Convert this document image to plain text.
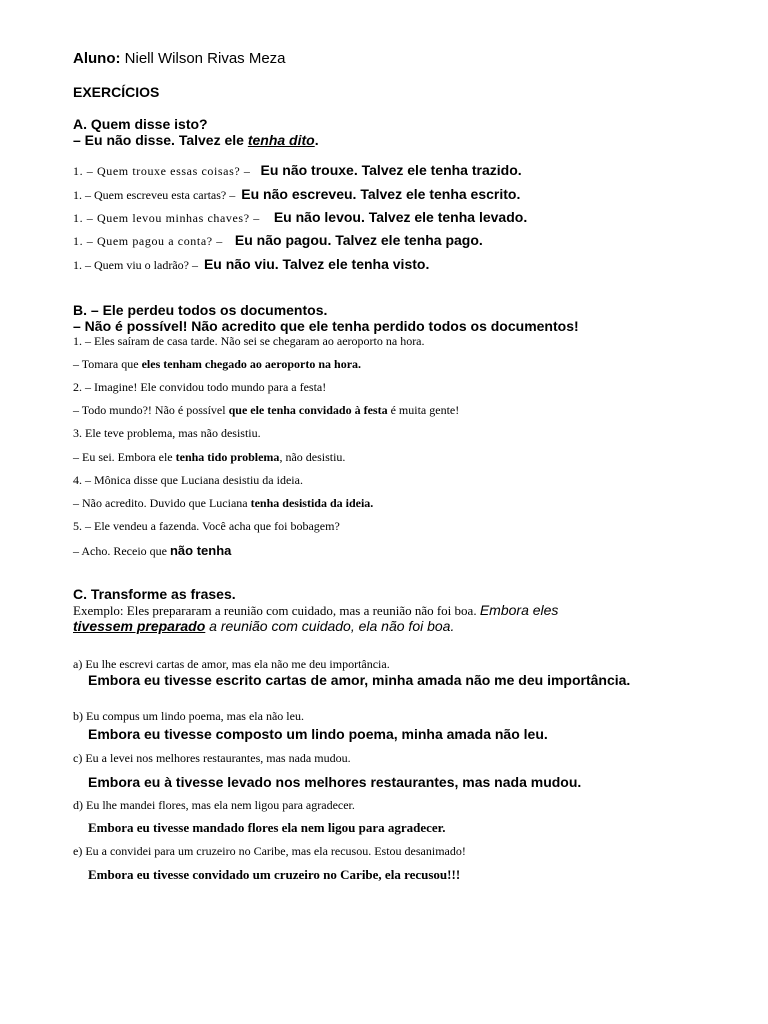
Aluno: Niell Wilson Rivas Meza
EXERCÍCIOS
A. Quem disse isto?
– Eu não disse. Talvez ele tenha dito.
1. – Quem trouxe essas coisas? – Eu não trouxe. Talvez ele tenha trazido.
1. – Quem escreveu esta cartas? – Eu não escreveu. Talvez ele tenha escrito.
1. – Quem levou minhas chaves? – Eu não levou. Talvez ele tenha levado.
1. – Quem pagou a conta? – Eu não pagou. Talvez ele tenha pago.
1. – Quem viu o ladrão? – Eu não viu. Talvez ele tenha visto.
B. – Ele perdeu todos os documentos.
– Não é possível! Não acredito que ele tenha perdido todos os documentos!
1. – Eles saíram de casa tarde. Não sei se chegaram ao aeroporto na hora.
– Tomara que eles tenham chegado ao aeroporto na hora.
2. – Imagine! Ele convidou todo mundo para a festa!
– Todo mundo?! Não é possível que ele tenha convidado à festa é muita gente!
3. Ele teve problema, mas não desistiu.
– Eu sei. Embora ele tenha tido problema, não desistiu.
4. – Mônica disse que Luciana desistiu da ideia.
– Não acredito. Duvido que Luciana tenha desistida da ideia.
5. – Ele vendeu a fazenda. Você acha que foi bobagem?
– Acho. Receio que não tenha
C. Transforme as frases.
Exemplo: Eles prepararam a reunião com cuidado, mas a reunião não foi boa. Embora eles
tivessem preparado a reunião com cuidado, ela não foi boa.
a) Eu lhe escrevi cartas de amor, mas ela não me deu importância.
Embora eu tivesse escrito cartas de amor, minha amada não me deu importância.
b) Eu compus um lindo poema, mas ela não leu.
Embora eu tivesse composto um lindo poema, minha amada não leu.
c) Eu a levei nos melhores restaurantes, mas nada mudou.
Embora eu à tivesse levado nos melhores restaurantes, mas nada mudou.
d) Eu lhe mandei flores, mas ela nem ligou para agradecer.
Embora eu tivesse mandado flores ela nem ligou para agradecer.
e) Eu a convidei para um cruzeiro no Caribe, mas ela recusou. Estou desanimado!
Embora eu tivesse convidado um cruzeiro no Caribe, ela recusou!!!
